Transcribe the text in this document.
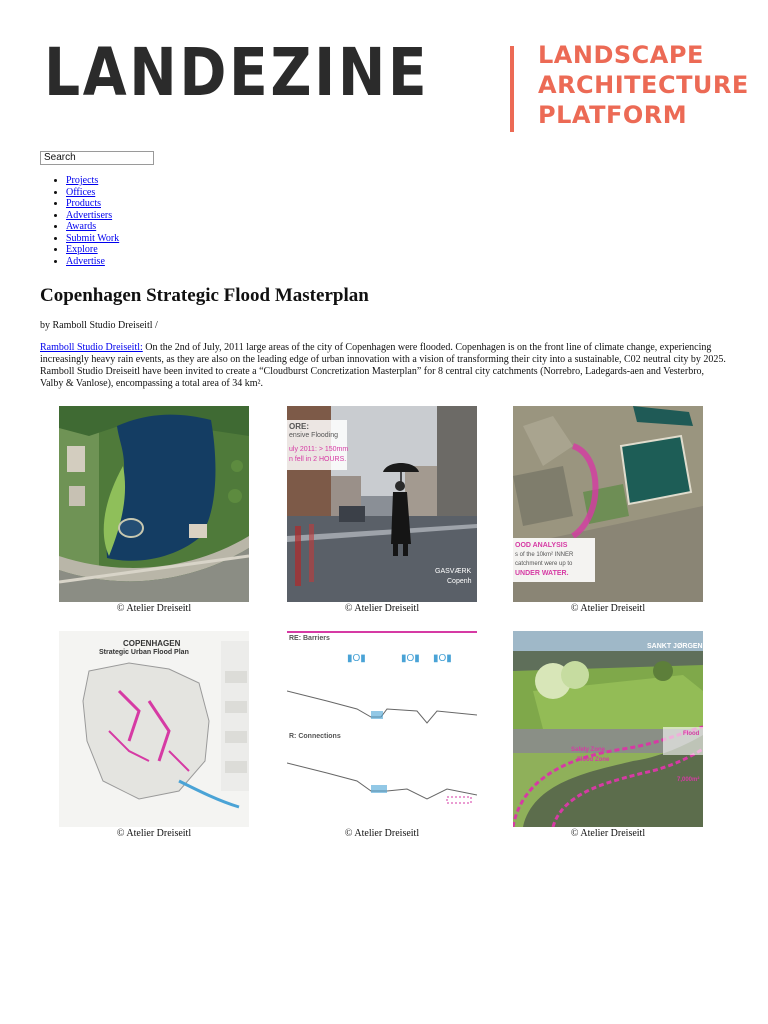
LANDEZINE	LANDSCAPE
ARCHITECTURE
PLATFORM
Search
• Projects
• Offices
• Products
• Advertisers
• Awards
• Submit Work
• Explore
• Advertise
Copenhagen Strategic Flood Masterplan

by Ramboll Studio Dreiseitl /

Ramboll Studio Dreiseitl: On the 2nd of July, 2011 large areas of the city of Copenhagen were flooded. Copenhagen is on the front line of climate change, experiencing increasingly heavy rain events, as they are also on the leading edge of urban innovation with a vision of transforming their city into a sustainable, C02 neutral city by 2025. Ramboll Studio Dreiseitl have been invited to create a “Cloudburst Concretization Masterplan” for 8 central city catchments (Norrebro, Ladegards-aen and Vesterbro, Valby & Vanlose), encompassing a total area of 34 km².

© Atelier Dreiseitl
ORE:
ensive Flooding
uly 2011: > 150mm
n fell in 2 HOURS.
GASVÆRK
Copenh
© Atelier Dreiseitl
OOD ANALYSIS
s of the 10km² INNER
catchment were up to
UNDER WATER.
© Atelier Dreiseitl
COPENHAGEN
Strategic Urban Flood Plan
© Atelier Dreiseitl
▮O▮	▮O▮ ▮O▮
RE: Barriers
R: Connections
© Atelier Dreiseitl
SANKT JØRGEN
Safety Zone
Flood Zone
Flood
7,000m²
© Atelier Dreiseitl
